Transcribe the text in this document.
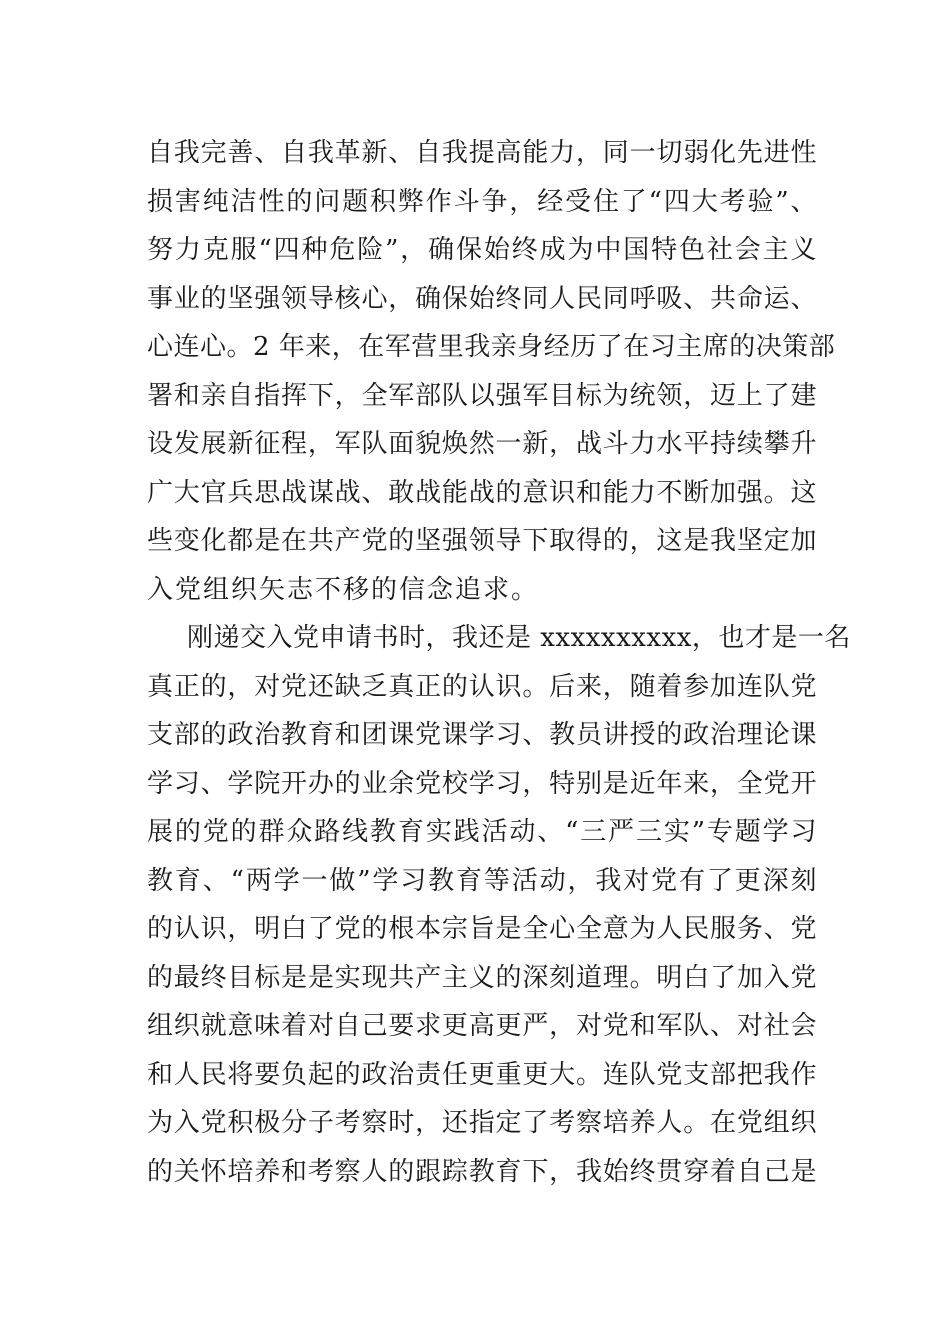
自我完善、自我革新、自我提高能力，同一切弱化先进性
损害纯洁性的问题积弊作斗争，经受住了“四大考验”、
努力克服“四种危险”，确保始终成为中国特色社会主义
事业的坚强领导核心，确保始终同人民同呼吸、共命运、
心连心。2 年来，在军营里我亲身经历了在习主席的决策部
署和亲自指挥下，全军部队以强军目标为统领，迈上了建
设发展新征程，军队面貌焕然一新，战斗力水平持续攀升
广大官兵思战谋战、敢战能战的意识和能力不断加强。这
些变化都是在共产党的坚强领导下取得的，这是我坚定加
入党组织矢志不移的信念追求。
刚递交入党申请书时，我还是 xxxxxxxxxx，也才是一名
真正的，对党还缺乏真正的认识。后来，随着参加连队党
支部的政治教育和团课党课学习、教员讲授的政治理论课
学习、学院开办的业余党校学习，特别是近年来，全党开
展的党的群众路线教育实践活动、“三严三实”专题学习
教育、“两学一做”学习教育等活动，我对党有了更深刻
的认识，明白了党的根本宗旨是全心全意为人民服务、党
的最终目标是是实现共产主义的深刻道理。明白了加入党
组织就意味着对自己要求更高更严，对党和军队、对社会
和人民将要负起的政治责任更重更大。连队党支部把我作
为入党积极分子考察时，还指定了考察培养人。在党组织
的关怀培养和考察人的跟踪教育下，我始终贯穿着自己是
